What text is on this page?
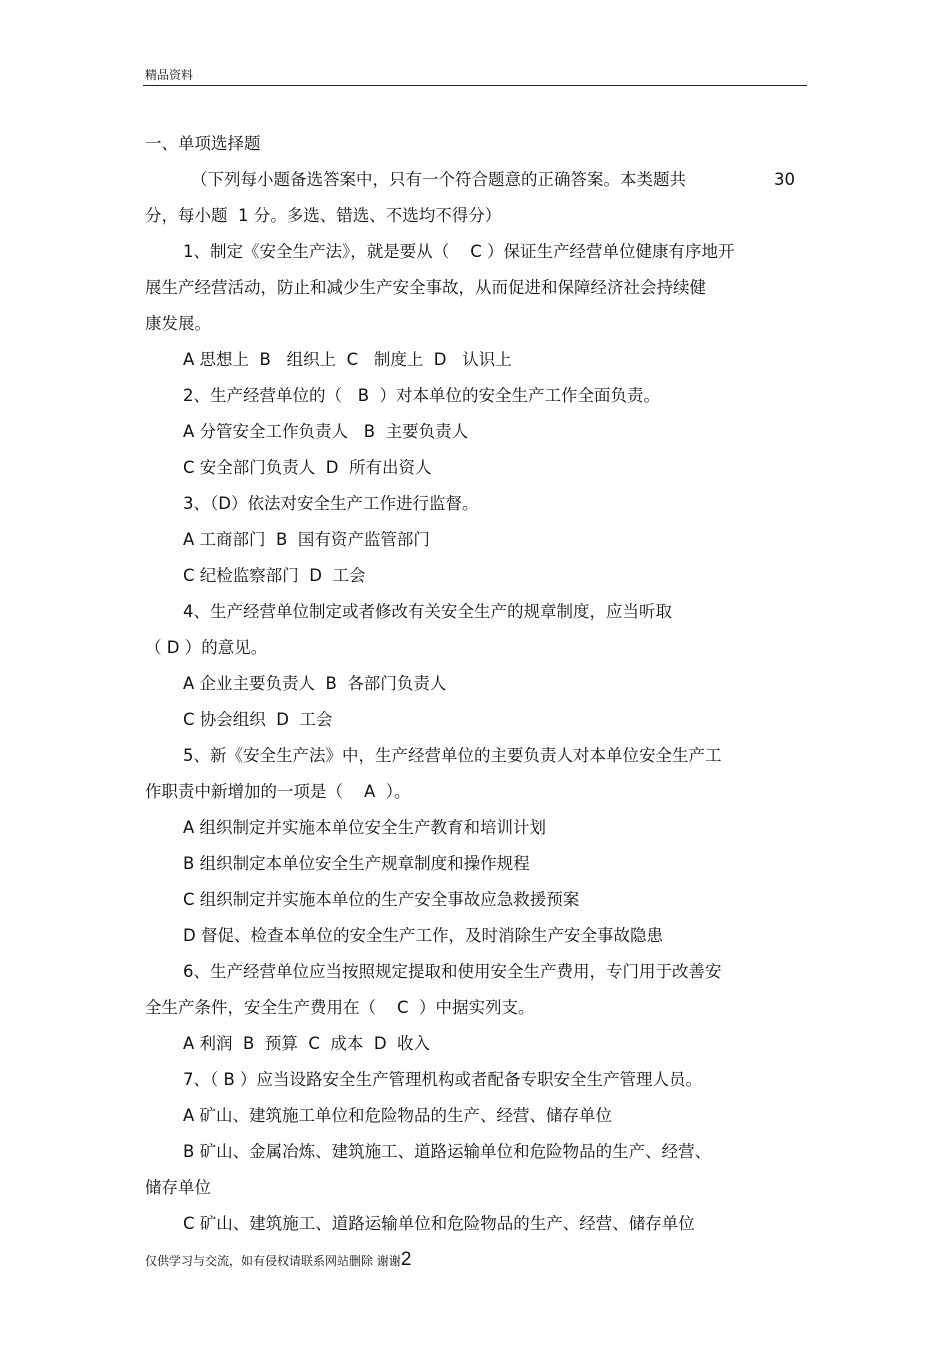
精品资料

一、单项选择题

（下列每小题备选答案中，只有一个符合题意的正确答案。本类题共	30

分，每小题  1 分。多选、错选、不选均不得分）

1、制定《安全生产法》，就是要从（    C ）保证生产经营单位健康有序地开

展生产经营活动，防止和减少生产安全事故，从而促进和保障经济社会持续健

康发展。

A 思想上  B   组织上  C   制度上  D   认识上

2、生产经营单位的（   B  ）对本单位的安全生产工作全面负责。

A 分管安全工作负责人   B  主要负责人

C 安全部门负责人  D  所有出资人

3、（D）依法对安全生产工作进行监督。

A 工商部门  B  国有资产监管部门

C 纪检监察部门  D  工会

4、生产经营单位制定或者修改有关安全生产的规章制度，应当听取

（ D ）的意见。

A 企业主要负责人  B  各部门负责人

C 协会组织  D  工会

5、新《安全生产法》中，生产经营单位的主要负责人对本单位安全生产工

作职责中新增加的一项是（    A  ）。

A 组织制定并实施本单位安全生产教育和培训计划

B 组织制定本单位安全生产规章制度和操作规程

C 组织制定并实施本单位的生产安全事故应急救援预案

D 督促、检查本单位的安全生产工作，及时消除生产安全事故隐患

6、生产经营单位应当按照规定提取和使用安全生产费用，专门用于改善安

全生产条件，安全生产费用在（    C  ）中据实列支。

A 利润  B  预算  C  成本  D  收入

7、（ B ）应当设路安全生产管理机构或者配备专职安全生产管理人员。

A 矿山、建筑施工单位和危险物品的生产、经营、储存单位

B 矿山、金属冶炼、建筑施工、道路运输单位和危险物品的生产、经营、

储存单位

C 矿山、建筑施工、道路运输单位和危险物品的生产、经营、储存单位

仅供学习与交流，如有侵权请联系网站删除 谢谢2
